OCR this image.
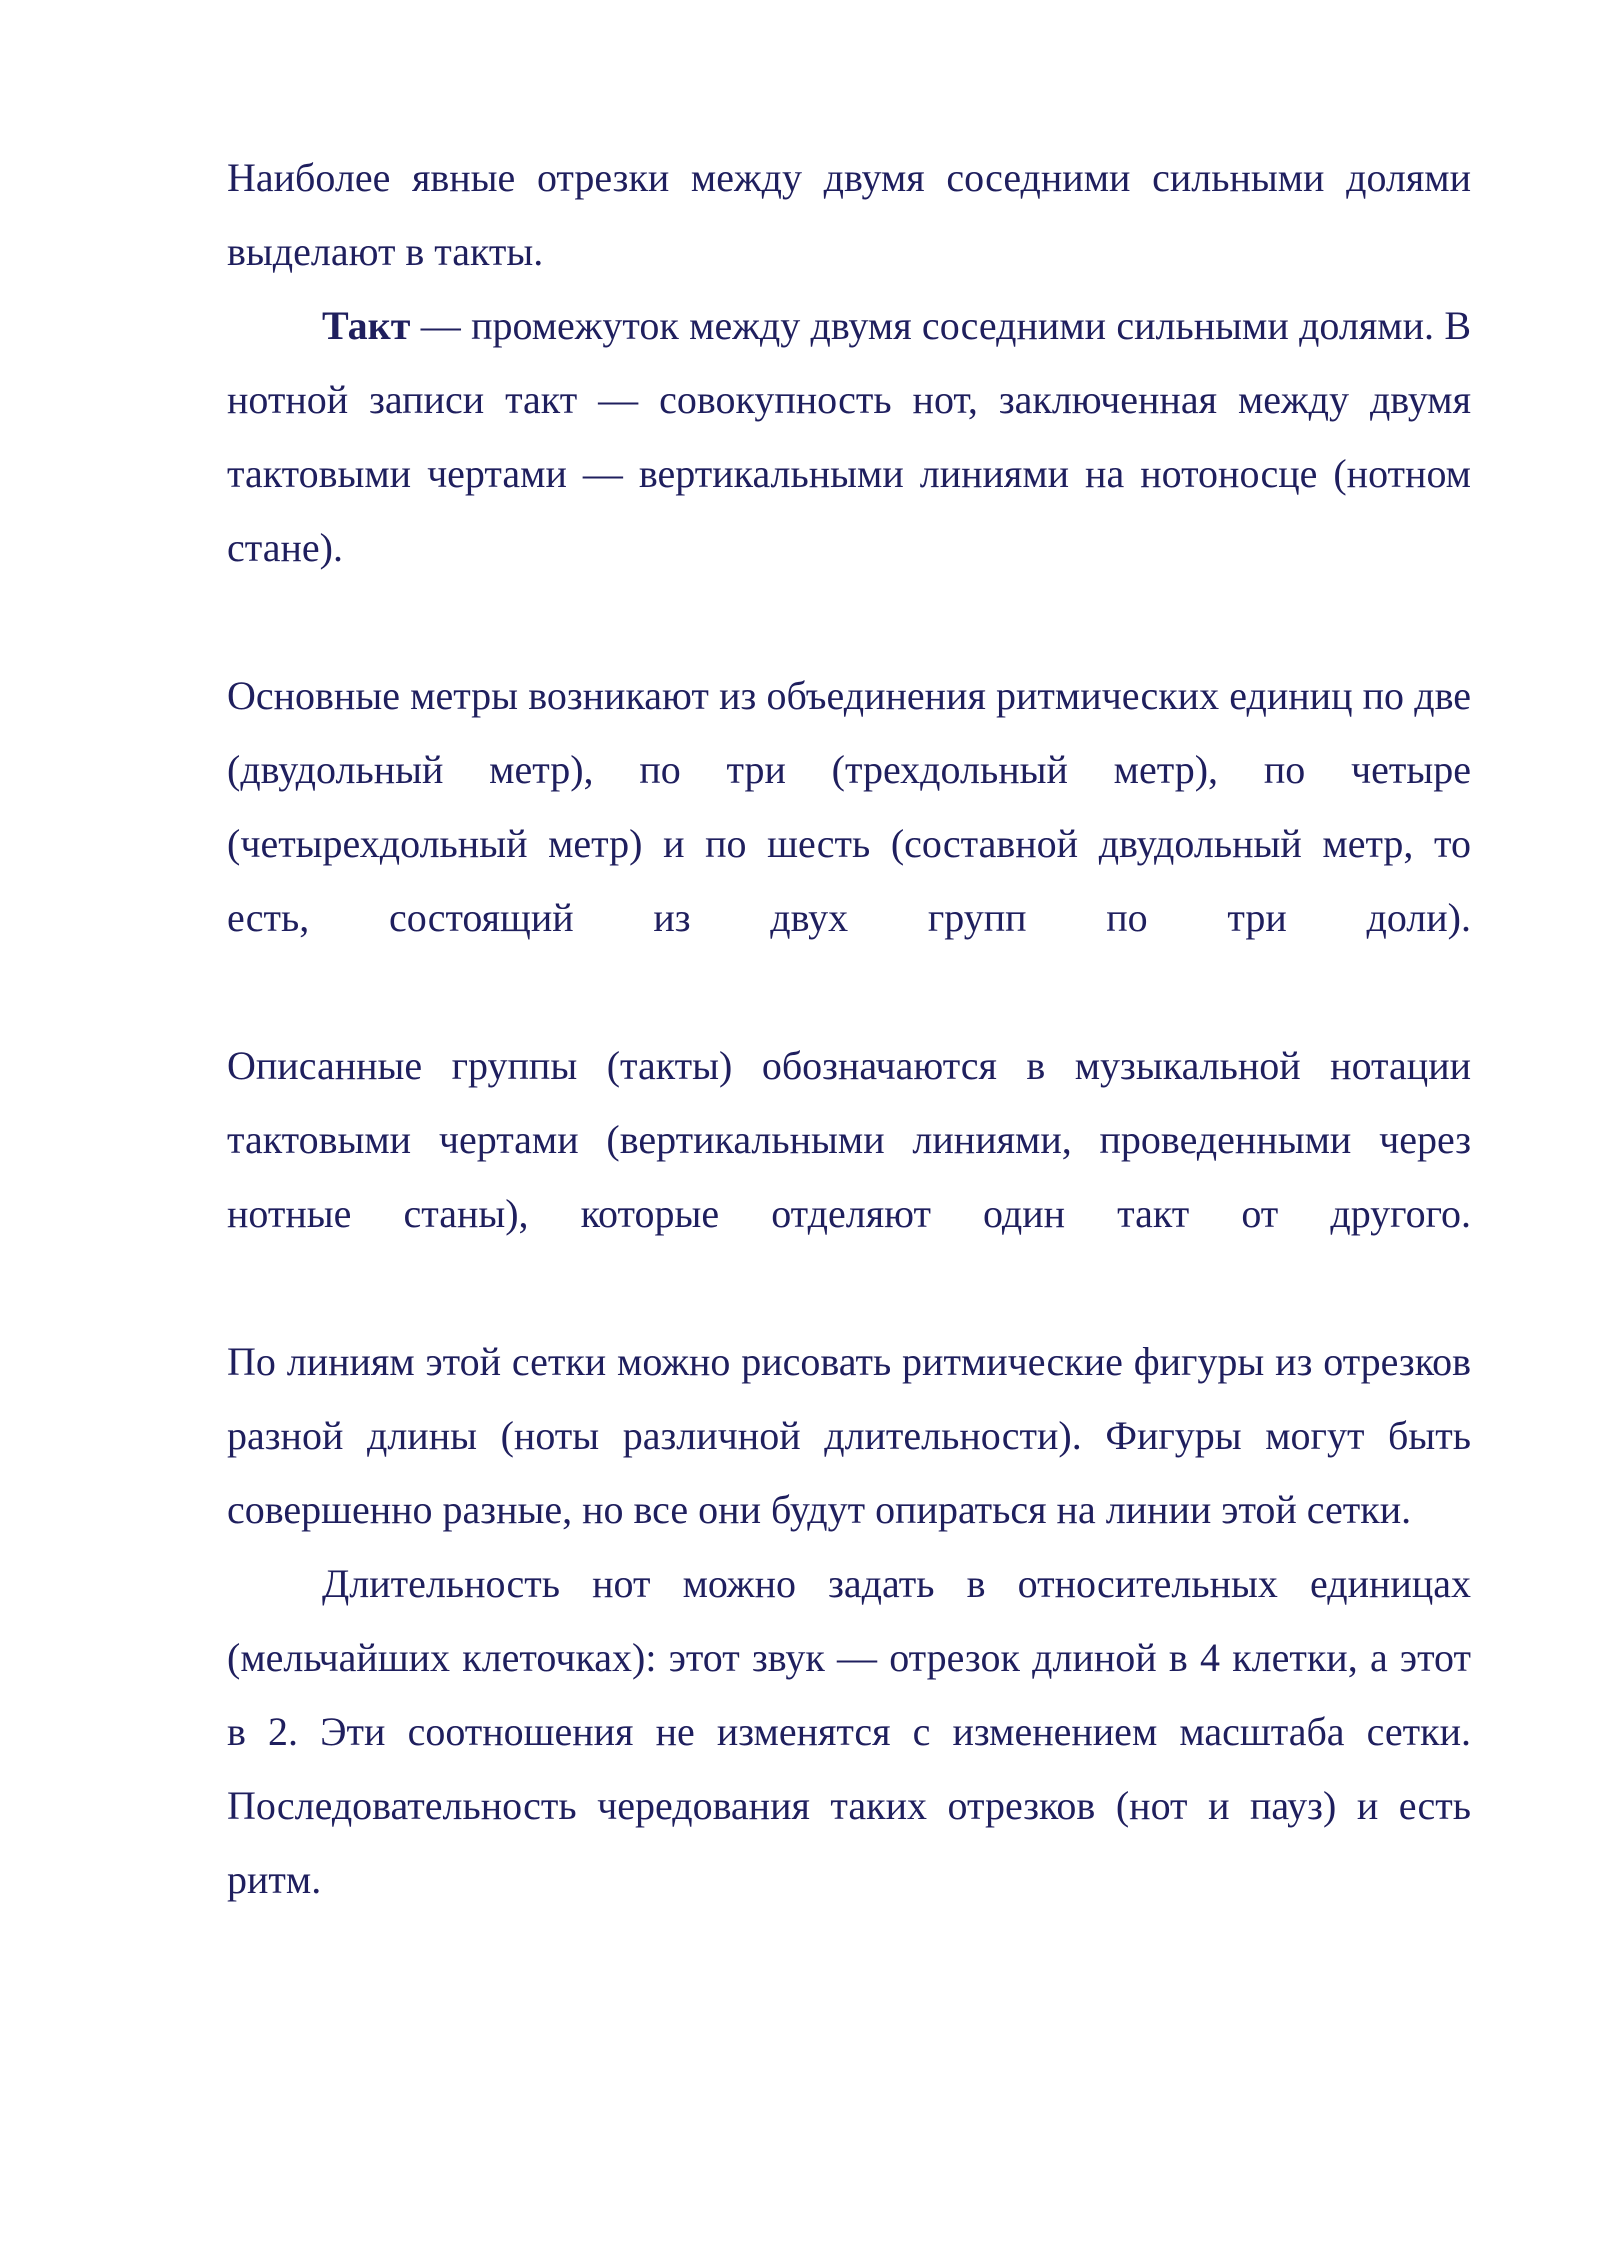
Наиболее явные отрезки между двумя соседними сильными долями выделают в такты.

Такт — промежуток между двумя соседними сильными долями. В нотной записи такт — совокупность нот, заключенная между двумя тактовыми чертами — вертикальными линиями на нотоносце (нотном стане).

Основные метры возникают из объединения ритмических единиц по две (двудольный метр), по три (трехдольный метр), по четыре (четырехдольный метр) и по шесть (составной двудольный метр, то есть, состоящий из двух групп по три доли).

Описанные группы (такты) обозначаются в музыкальной нотации тактовыми чертами (вертикальными линиями, проведенными через нотные станы), которые отделяют один такт от другого.

По линиям этой сетки можно рисовать ритмические фигуры из отрезков разной длины (ноты различной длительности). Фигуры могут быть совершенно разные, но все они будут опираться на линии этой сетки.

Длительность нот можно задать в относительных единицах (мельчайших клеточках): этот звук — отрезок длиной в 4 клетки, а этот в 2. Эти соотношения не изменятся с изменением масштаба сетки. Последовательность чередования таких отрезков (нот и пауз) и есть ритм.
